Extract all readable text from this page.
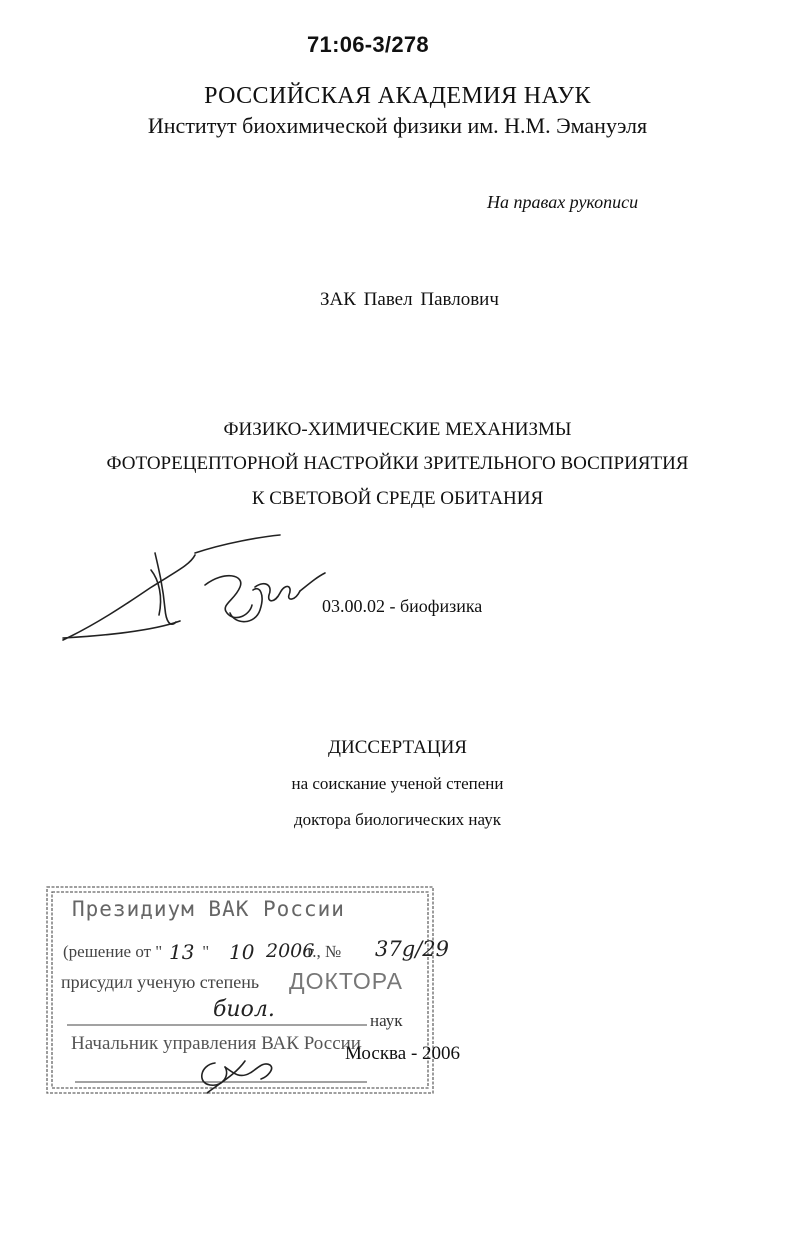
71:06-3/278
РОССИЙСКАЯ АКАДЕМИЯ НАУК
Институт биохимической физики им. Н.М. Эмануэля
На правах рукописи
ЗАК Павел Павлович
ФИЗИКО-ХИМИЧЕСКИЕ МЕХАНИЗМЫ
ФОТОРЕЦЕПТОРНОЙ НАСТРОЙКИ ЗРИТЕЛЬНОГО ВОСПРИЯТИЯ
К СВЕТОВОЙ СРЕДЕ ОБИТАНИЯ
03.00.02 - биофизика
ДИССЕРТАЦИЯ
на соискание ученой степени
доктора биологических наук
Президиум ВАК России
(решение от " "	г., №
13 10 2006	37g/29
присудил ученую степень ДОКТОРА
биол.	наук
Начальник управления ВАК России
Москва - 2006
